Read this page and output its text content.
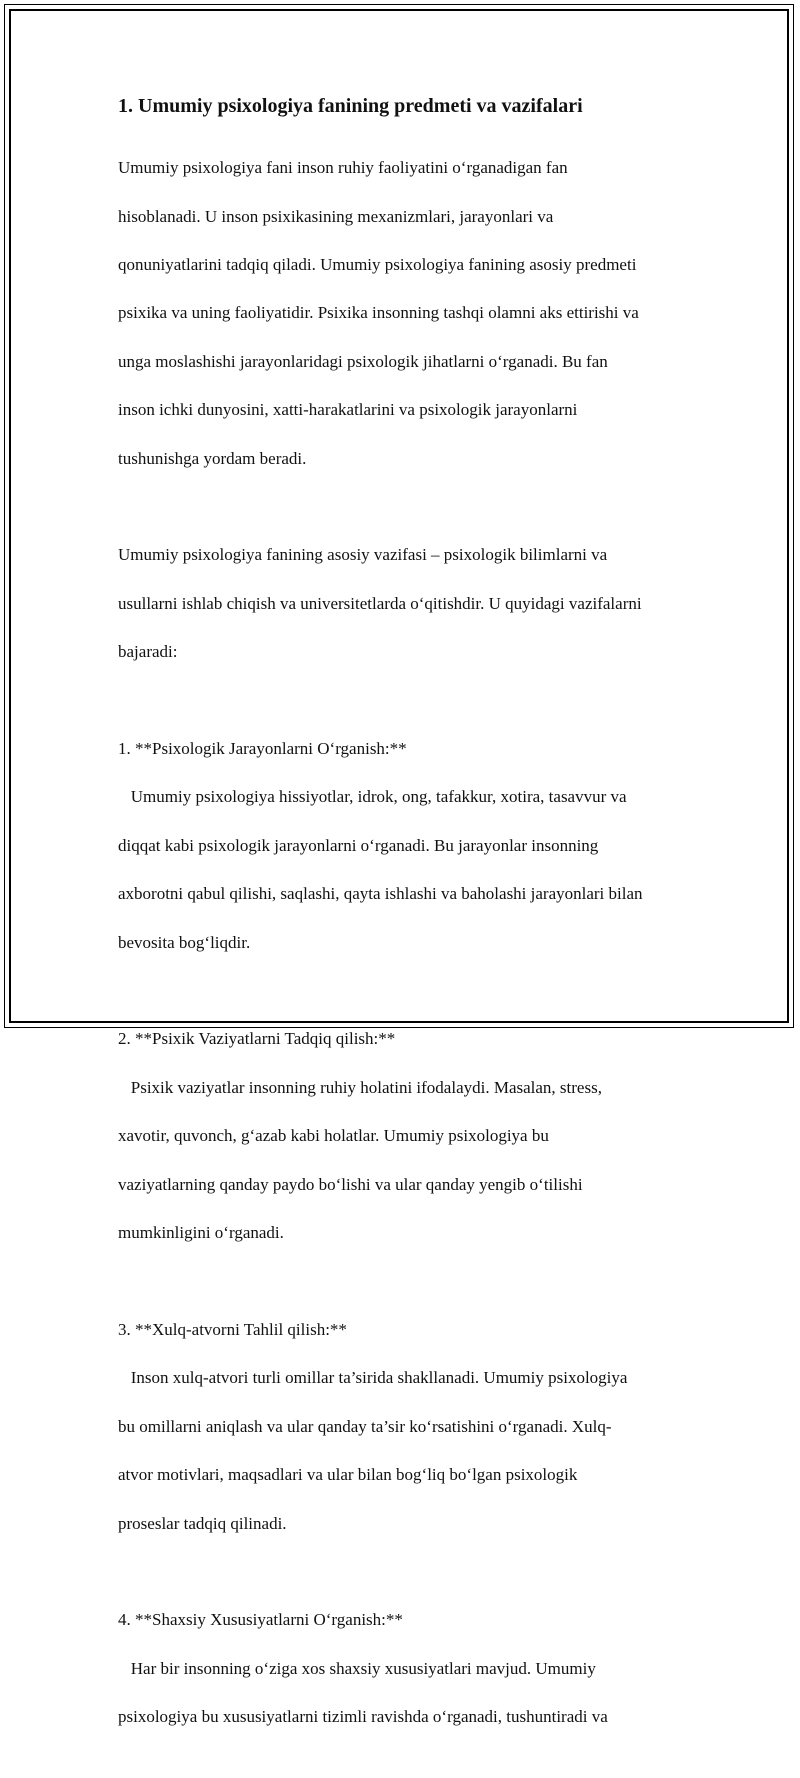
1. Umumiy psixologiya fanining predmeti va vazifalari

Umumiy psixologiya fani inson ruhiy faoliyatini o‘rganadigan fan

hisoblanadi. U inson psixikasining mexanizmlari, jarayonlari va

qonuniyatlarini tadqiq qiladi. Umumiy psixologiya fanining asosiy predmeti

psixika va uning faoliyatidir. Psixika insonning tashqi olamni aks ettirishi va

unga moslashishi jarayonlaridagi psixologik jihatlarni o‘rganadi. Bu fan

inson ichki dunyosini, xatti-harakatlarini va psixologik jarayonlarni

tushunishga yordam beradi.

Umumiy psixologiya fanining asosiy vazifasi – psixologik bilimlarni va

usullarni ishlab chiqish va universitetlarda o‘qitishdir. U quyidagi vazifalarni

bajaradi:

1. **Psixologik Jarayonlarni O‘rganish:**

Umumiy psixologiya hissiyotlar, idrok, ong, tafakkur, xotira, tasavvur va

diqqat kabi psixologik jarayonlarni o‘rganadi. Bu jarayonlar insonning

axborotni qabul qilishi, saqlashi, qayta ishlashi va baholashi jarayonlari bilan

bevosita bog‘liqdir.

2. **Psixik Vaziyatlarni Tadqiq qilish:**

Psixik vaziyatlar insonning ruhiy holatini ifodalaydi. Masalan, stress,

xavotir, quvonch, g‘azab kabi holatlar. Umumiy psixologiya bu

vaziyatlarning qanday paydo bo‘lishi va ular qanday yengib o‘tilishi

mumkinligini o‘rganadi.

3. **Xulq-atvorni Tahlil qilish:**

Inson xulq-atvori turli omillar ta’sirida shakllanadi. Umumiy psixologiya

bu omillarni aniqlash va ular qanday ta’sir ko‘rsatishini o‘rganadi. Xulq-

atvor motivlari, maqsadlari va ular bilan bog‘liq bo‘lgan psixologik

proseslar tadqiq qilinadi.

4. **Shaxsiy Xususiyatlarni O‘rganish:**

Har bir insonning o‘ziga xos shaxsiy xususiyatlari mavjud. Umumiy

psixologiya bu xususiyatlarni tizimli ravishda o‘rganadi, tushuntiradi va
